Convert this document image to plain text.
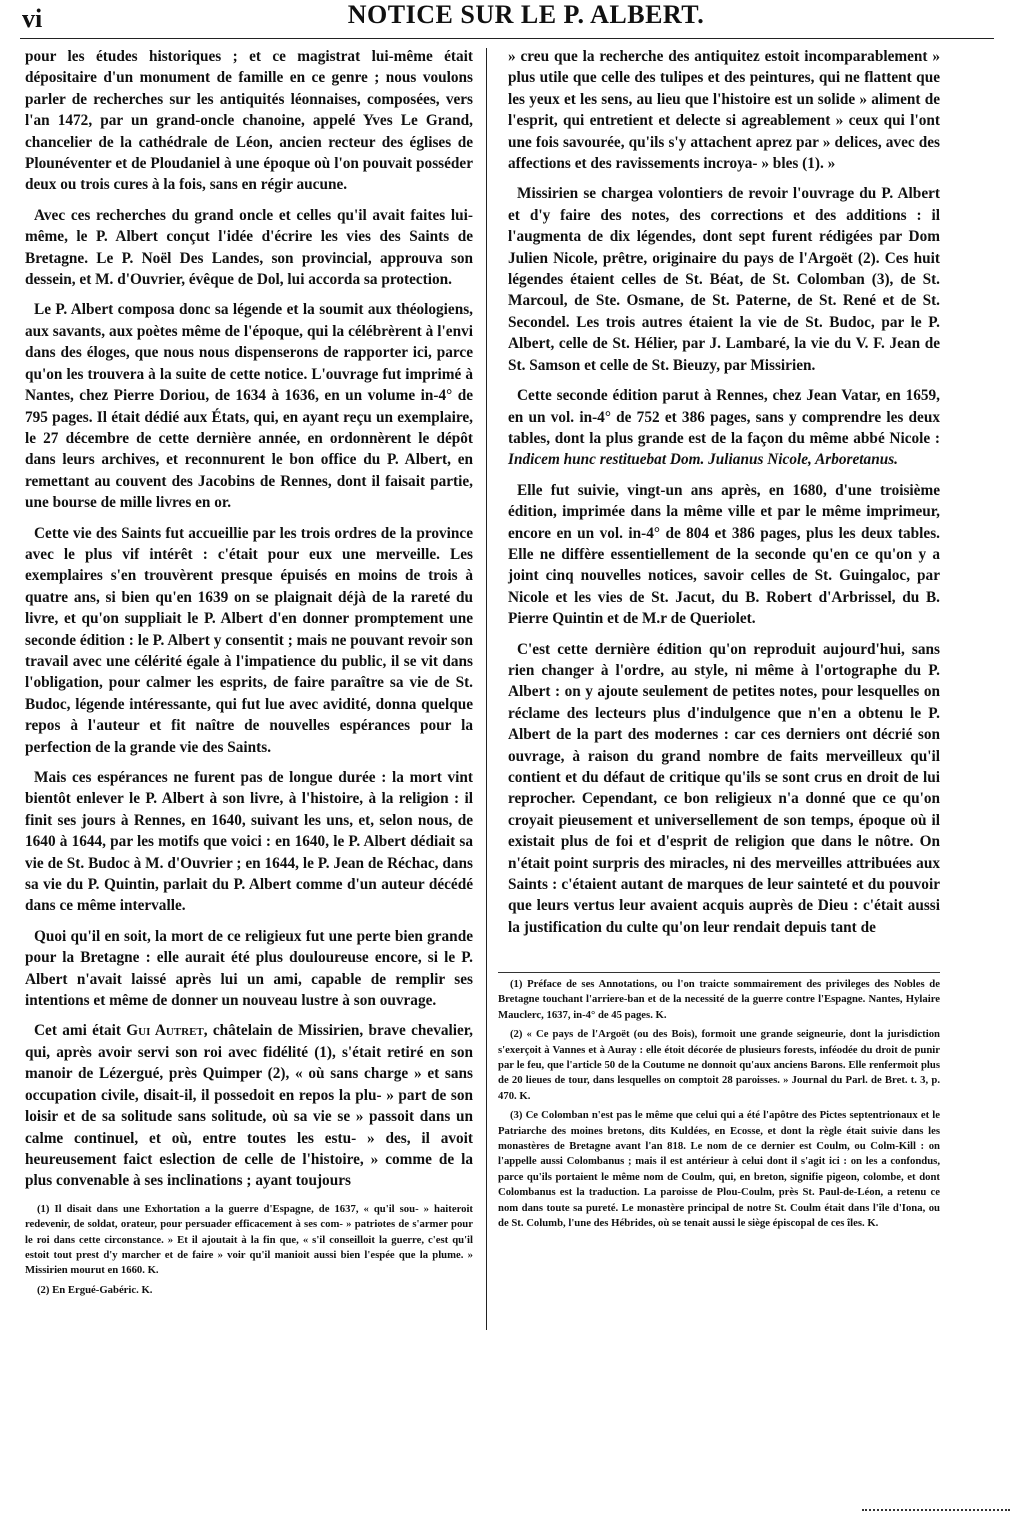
vi	NOTICE SUR LE P. ALBERT.

pour les études historiques ; et ce magistrat lui-même était dépositaire d'un monument de famille en ce genre ; nous voulons parler de recherches sur les antiquités léonnaises, composées, vers l'an 1472, par un grand-oncle chanoine, appelé Yves Le Grand, chancelier de la cathédrale de Léon, ancien recteur des églises de Plounéventer et de Ploudaniel à une époque où l'on pouvait posséder deux ou trois cures à la fois, sans en régir aucune.

Avec ces recherches du grand oncle et celles qu'il avait faites lui-même, le P. Albert conçut l'idée d'écrire les vies des Saints de Bretagne. Le P. Noël Des Landes, son provincial, approuva son dessein, et M. d'Ouvrier, évêque de Dol, lui accorda sa protection.

Le P. Albert composa donc sa légende et la soumit aux théologiens, aux savants, aux poètes même de l'époque, qui la célébrèrent à l'envi dans des éloges, que nous nous dispenserons de rapporter ici, parce qu'on les trouvera à la suite de cette notice. L'ouvrage fut imprimé à Nantes, chez Pierre Doriou, de 1634 à 1636, en un volume in-4° de 795 pages. Il était dédié aux États, qui, en ayant reçu un exemplaire, le 27 décembre de cette dernière année, en ordonnèrent le dépôt dans leurs archives, et reconnurent le bon office du P. Albert, en remettant au couvent des Jacobins de Rennes, dont il faisait partie, une bourse de mille livres en or.

Cette vie des Saints fut accueillie par les trois ordres de la province avec le plus vif intérêt : c'était pour eux une merveille. Les exemplaires s'en trouvèrent presque épuisés en moins de trois à quatre ans, si bien qu'en 1639 on se plaignait déjà de la rareté du livre, et qu'on suppliait le P. Albert d'en donner promptement une seconde édition : le P. Albert y consentit ; mais ne pouvant revoir son travail avec une célérité égale à l'impatience du public, il se vit dans l'obligation, pour calmer les esprits, de faire paraître sa vie de St. Budoc, légende intéressante, qui fut lue avec avidité, donna quelque repos à l'auteur et fit naître de nouvelles espérances pour la perfection de la grande vie des Saints.

Mais ces espérances ne furent pas de longue durée : la mort vint bientôt enlever le P. Albert à son livre, à l'histoire, à la religion : il finit ses jours à Rennes, en 1640, suivant les uns, et, selon nous, de 1640 à 1644, par les motifs que voici : en 1640, le P. Albert dédiait sa vie de St. Budoc à M. d'Ouvrier ; en 1644, le P. Jean de Réchac, dans sa vie du P. Quintin, parlait du P. Albert comme d'un auteur décédé dans ce même intervalle.

Quoi qu'il en soit, la mort de ce religieux fut une perte bien grande pour la Bretagne : elle aurait été plus douloureuse encore, si le P. Albert n'avait laissé après lui un ami, capable de remplir ses intentions et même de donner un nouveau lustre à son ouvrage.

Cet ami était Gui Autret, châtelain de Missirien, brave chevalier, qui, après avoir servi son roi avec fidélité (1), s'était retiré en son manoir de Lézergué, près Quimper (2), « où sans charge » et sans occupation civile, disait-il, il possedoit en repos la plu- » part de son loisir et de sa solitude sans solitude, où sa vie se » passoit dans un calme continuel, et où, entre toutes les estu- » des, il avoit heureusement faict eslection de celle de l'histoire, » comme de la plus convenable à ses inclinations ; ayant toujours

(1) Il disait dans une Exhortation a la guerre d'Espagne, de 1637, « qu'il sou- » haiteroit redevenir, de soldat, orateur, pour persuader efficacement à ses com- » patriotes de s'armer pour le roi dans cette circonstance. » Et il ajoutait à la fin que, « s'il conseilloit la guerre, c'est qu'il estoit tout prest d'y marcher et de faire » voir qu'il manioit aussi bien l'espée que la plume. » Missirien mourut en 1660. K.

(2) En Ergué-Gabéric. K.

» creu que la recherche des antiquitez estoit incomparablement » plus utile que celle des tulipes et des peintures, qui ne flattent que les yeux et les sens, au lieu que l'histoire est un solide » aliment de l'esprit, qui entretient et delecte si agreablement » ceux qui l'ont une fois savourée, qu'ils s'y attachent aprez par » delices, avec des affections et des ravissements incroya- » bles (1). »

Missirien se chargea volontiers de revoir l'ouvrage du P. Albert et d'y faire des notes, des corrections et des additions : il l'augmenta de dix légendes, dont sept furent rédigées par Dom Julien Nicole, prêtre, originaire du pays de l'Argoët (2). Ces huit légendes étaient celles de St. Béat, de St. Colomban (3), de St. Marcoul, de Ste. Osmane, de St. Paterne, de St. René et de St. Secondel. Les trois autres étaient la vie de St. Budoc, par le P. Albert, celle de St. Hélier, par J. Lambaré, la vie du V. F. Jean de St. Samson et celle de St. Bieuzy, par Missirien.

Cette seconde édition parut à Rennes, chez Jean Vatar, en 1659, en un vol. in-4° de 752 et 386 pages, sans y comprendre les deux tables, dont la plus grande est de la façon du même abbé Nicole : Indicem hunc restituebat Dom. Julianus Nicole, Arboretanus.

Elle fut suivie, vingt-un ans après, en 1680, d'une troisième édition, imprimée dans la même ville et par le même imprimeur, encore en un vol. in-4° de 804 et 386 pages, plus les deux tables. Elle ne diffère essentiellement de la seconde qu'en ce qu'on y a joint cinq nouvelles notices, savoir celles de St. Guingaloc, par Nicole et les vies de St. Jacut, du B. Robert d'Arbrissel, du B. Pierre Quintin et de M.r de Queriolet.

C'est cette dernière édition qu'on reproduit aujourd'hui, sans rien changer à l'ordre, au style, ni même à l'ortographe du P. Albert : on y ajoute seulement de petites notes, pour lesquelles on réclame des lecteurs plus d'indulgence que n'en a obtenu le P. Albert de la part des modernes : car ces derniers ont décrié son ouvrage, à raison du grand nombre de faits merveilleux qu'il contient et du défaut de critique qu'ils se sont crus en droit de lui reprocher. Cependant, ce bon religieux n'a donné que ce qu'on croyait pieusement et universellement de son temps, époque où il existait plus de foi et d'esprit de religion que dans le nôtre. On n'était point surpris des miracles, ni des merveilles attribuées aux Saints : c'étaient autant de marques de leur sainteté et du pouvoir que leurs vertus leur avaient acquis auprès de Dieu : c'était aussi la justification du culte qu'on leur rendait depuis tant de

(1) Préface de ses Annotations, ou l'on traicte sommairement des privileges des Nobles de Bretagne touchant l'arriere-ban et de la necessité de la guerre contre l'Espagne. Nantes, Hylaire Mauclerc, 1637, in-4° de 45 pages. K.

(2) « Ce pays de l'Argoët (ou des Bois), formoit une grande seigneurie, dont la jurisdiction s'exerçoit à Vannes et à Auray : elle étoit décorée de plusieurs forests, inféodée du droit de punir par le feu, que l'article 50 de la Coutume ne donnoit qu'aux anciens Barons. Elle renfermoit plus de 20 lieues de tour, dans lesquelles on comptoit 28 paroisses. » Journal du Parl. de Bret. t. 3, p. 470. K.

(3) Ce Colomban n'est pas le même que celui qui a été l'apôtre des Pictes septentrionaux et le Patriarche des moines bretons, dits Kuldées, en Ecosse, et dont la règle était suivie dans les monastères de Bretagne avant l'an 818. Le nom de ce dernier est Coulm, ou Colm-Kill : on l'appelle aussi Colombanus ; mais il est antérieur à celui dont il s'agit ici : on les a confondus, parce qu'ils portaient le même nom de Coulm, qui, en breton, signifie pigeon, colombe, et dont Colombanus est la traduction. La paroisse de Plou-Coulm, près St. Paul-de-Léon, a retenu ce nom dans toute sa pureté. Le monastère principal de notre St. Coulm était dans l'île d'Iona, ou de St. Columb, l'une des Hébrides, où se tenait aussi le siège épiscopal de ces îles. K.
